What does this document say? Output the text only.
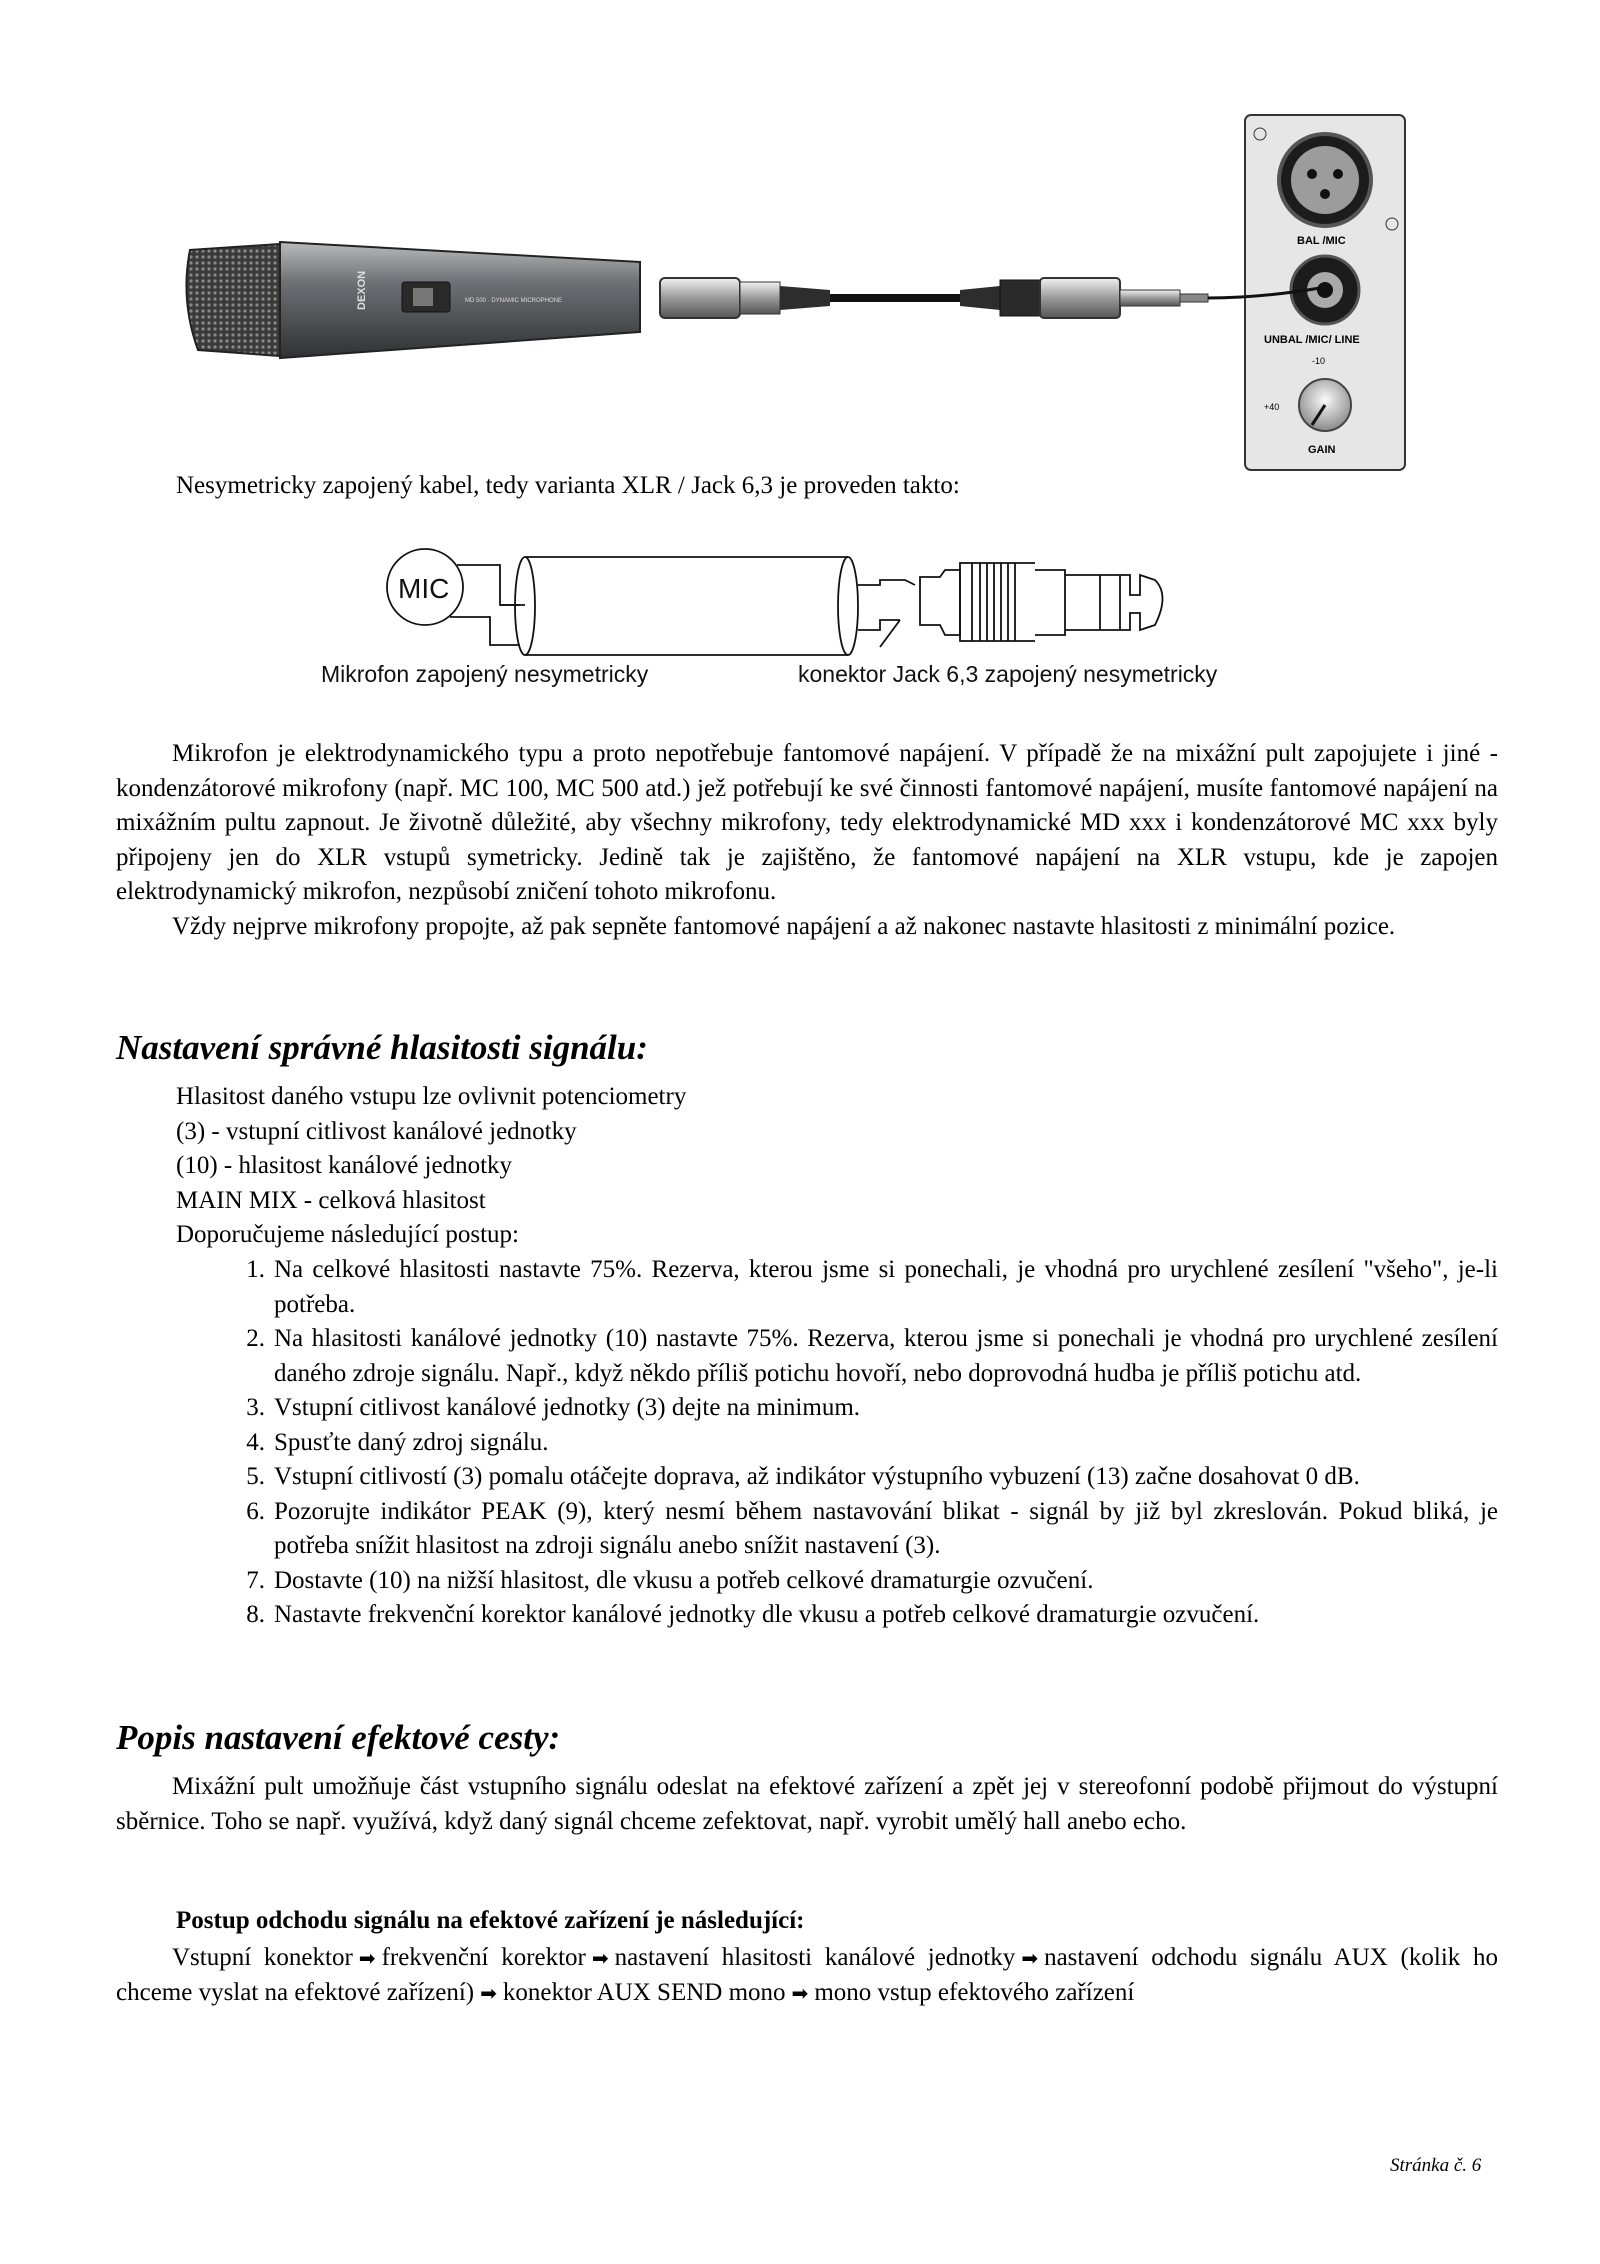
DEXON	MD 500 · DYNAMIC MICROPHONE
BAL /MIC
UNBAL /MIC/ LINE
-10
+40
GAIN
Nesymetricky zapojený kabel, tedy varianta XLR / Jack 6,3 je proveden takto:
MIC
Mikrofon zapojený nesymetricky	konektor Jack 6,3 zapojený nesymetricky

Mikrofon je elektrodynamického typu a proto nepotřebuje fantomové napájení. V případě že na mixážní pult zapojujete i jiné - kondenzátorové mikrofony (např. MC 100, MC 500 atd.) jež potřebují ke své činnosti fantomové napájení, musíte fantomové napájení na mixážním pultu zapnout. Je životně důležité, aby všechny mikrofony, tedy elektrodynamické MD xxx i kondenzátorové MC xxx byly připojeny jen do XLR vstupů symetricky. Jedině tak je zajištěno, že fantomové napájení na XLR vstupu, kde je zapojen elektrodynamický mikrofon, nezpůsobí zničení tohoto mikrofonu.

Vždy nejprve mikrofony propojte, až pak sepněte fantomové napájení a až nakonec nastavte hlasitosti z minimální pozice.

Nastavení správné hlasitosti signálu:
Hlasitost daného vstupu lze ovlivnit potenciometry
(3) - vstupní citlivost kanálové jednotky
(10) - hlasitost kanálové jednotky
MAIN MIX - celková hlasitost
Doporučujeme následující postup:
1. Na celkové hlasitosti nastavte 75%. Rezerva, kterou jsme si ponechali, je vhodná pro urychlené zesílení "všeho", je-li potřeba.
2. Na hlasitosti kanálové jednotky (10) nastavte 75%. Rezerva, kterou jsme si ponechali je vhodná pro urychlené zesílení daného zdroje signálu. Např., když někdo příliš potichu hovoří, nebo doprovodná hudba je příliš potichu atd.
3. Vstupní citlivost kanálové jednotky (3) dejte na minimum.
4. Spusťte daný zdroj signálu.
5. Vstupní citlivostí (3) pomalu otáčejte doprava, až indikátor výstupního vybuzení (13) začne dosahovat 0 dB.
6. Pozorujte indikátor PEAK (9), který nesmí během nastavování blikat - signál by již byl zkreslován. Pokud bliká, je potřeba snížit hlasitost na zdroji signálu anebo snížit nastavení (3).
7. Dostavte (10) na nižší hlasitost, dle vkusu a potřeb celkové dramaturgie ozvučení.
8. Nastavte frekvenční korektor kanálové jednotky dle vkusu a potřeb celkové dramaturgie ozvučení.
Popis nastavení efektové cesty:

Mixážní pult umožňuje část vstupního signálu odeslat na efektové zařízení a zpět jej v stereofonní podobě přijmout do výstupní sběrnice. Toho se např. využívá, když daný signál chceme zefektovat, např. vyrobit umělý hall anebo echo.

Postup odchodu signálu na efektové zařízení je následující:

Vstupní konektor ➡ frekvenční korektor ➡ nastavení hlasitosti kanálové jednotky ➡ nastavení odchodu signálu AUX (kolik ho chceme vyslat na efektové zařízení) ➡ konektor AUX SEND mono ➡ mono vstup efektového zařízení

Stránka č. 6
